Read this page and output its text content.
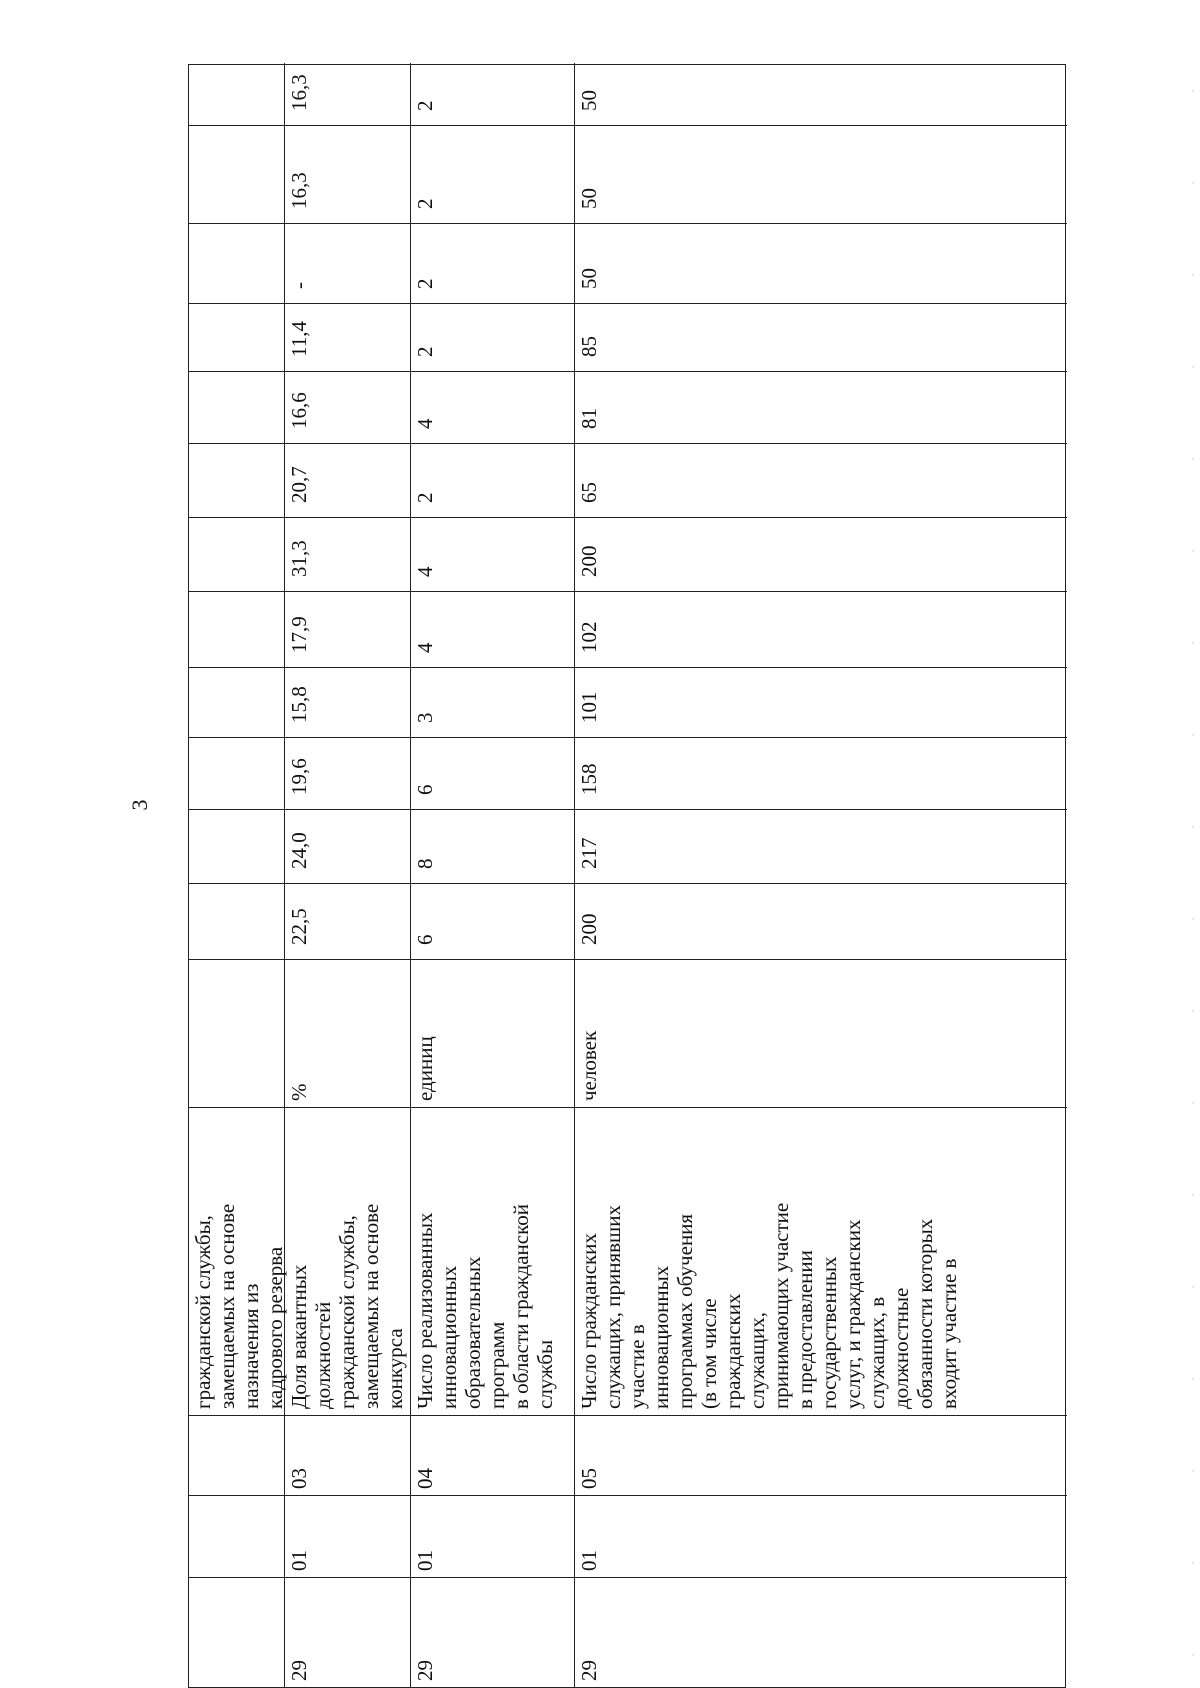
3
гражданской службы,
замещаемых на основе
назначения из
кадрового резерва
29
01
03
Доля вакантных
должностей
гражданской службы,
замещаемых на основе
конкурса
%
22,5
24,0
19,6
15,8
17,9
31,3
20,7
16,6
11,4
-
16,3
16,3
29
01
04
Число реализованных
инновационных
образовательных
программ
в области гражданской
службы
единиц
6
8
6
3
4
4
2
4
2
2
2
2
29
01
05
Число гражданских
служащих, принявших
участие в
инновационных
программах обучения
(в том числе
гражданских
служащих,
принимающих участие
в предоставлении
государственных
услуг, и гражданских
служащих, в
должностные
обязанности которых
входит участие в
человек
200
217
158
101
102
200
65
81
85
50
50
50
